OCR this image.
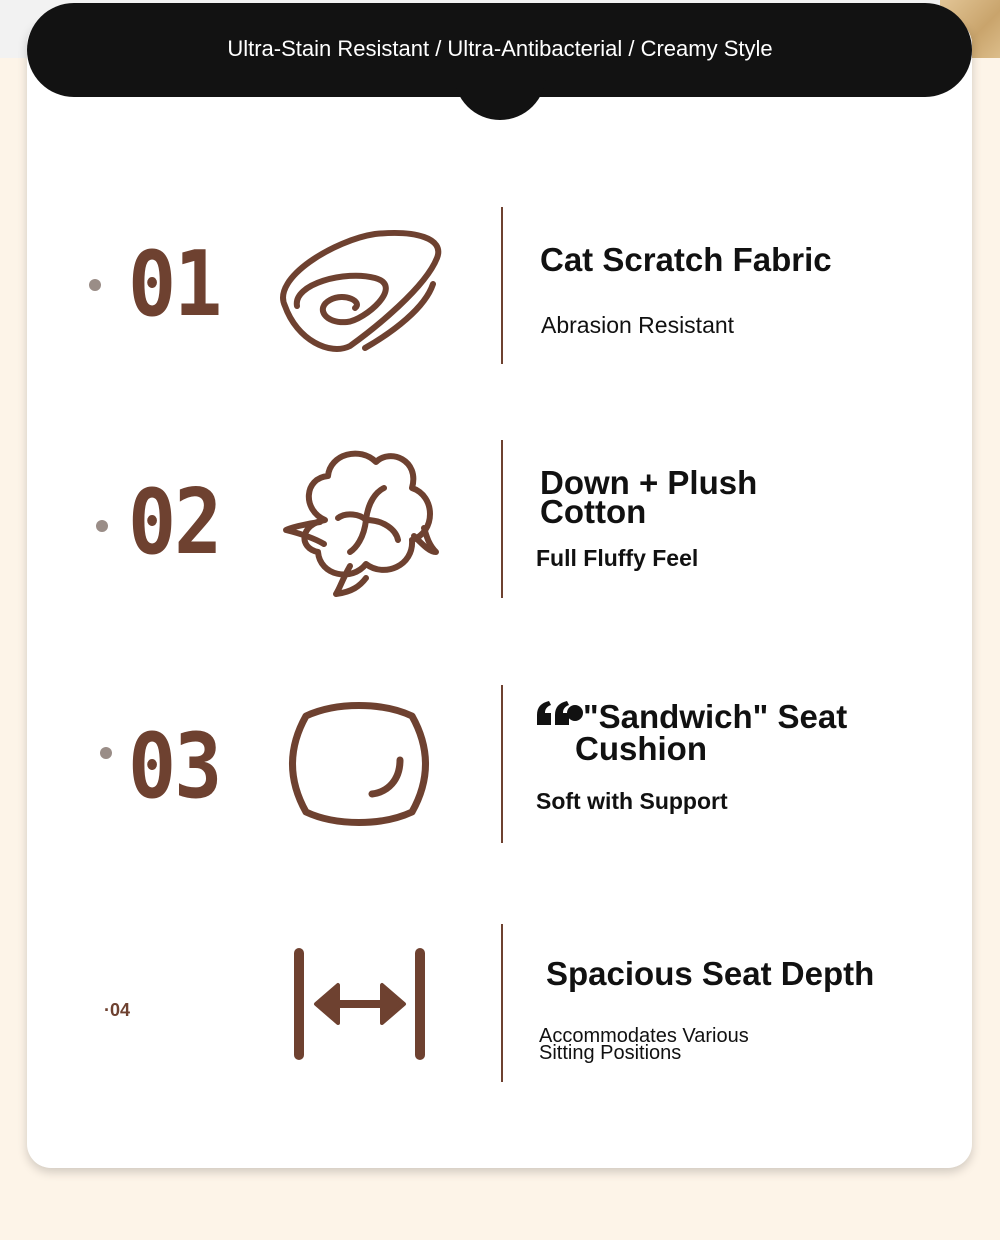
Ultra-Stain Resistant / Ultra-Antibacterial / Creamy Style
01	Cat Scratch Fabric
Abrasion Resistant
02	Down + Plush
Cotton
Full Fluffy Feel
03	"Sandwich" Seat
Cushion
Soft with Support
·04
Spacious Seat Depth
Accommodates Various
Sitting Positions
